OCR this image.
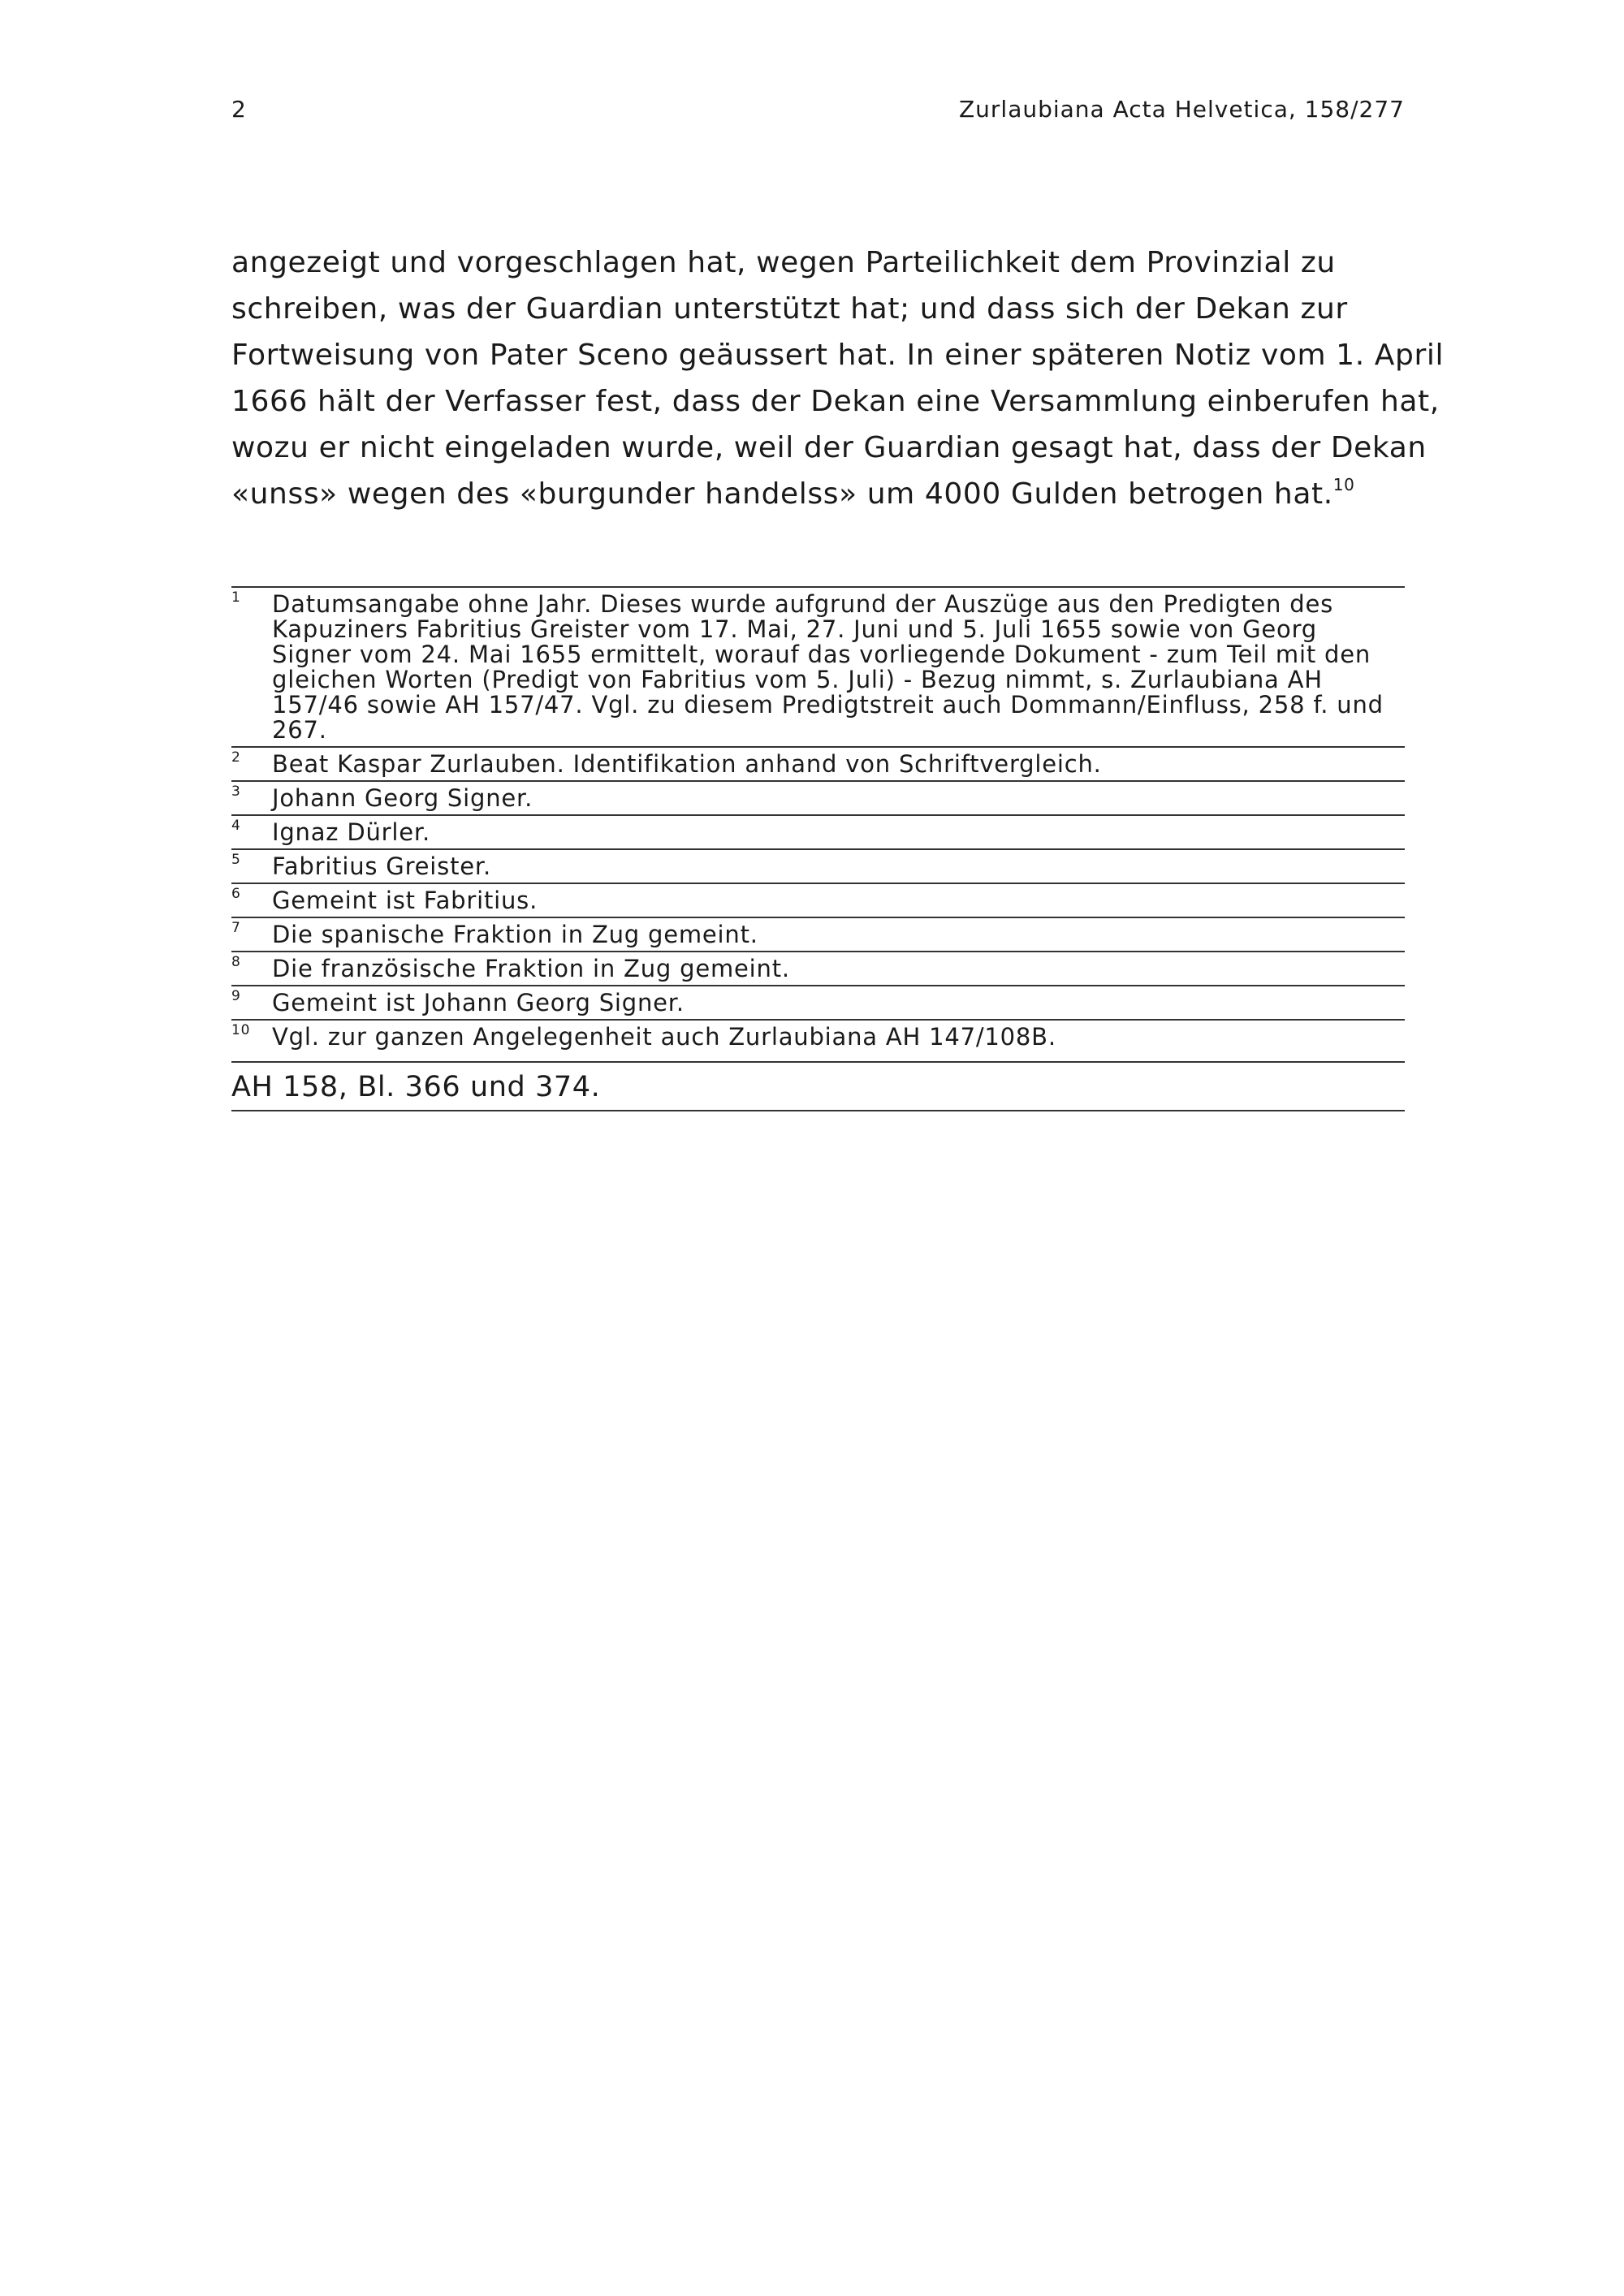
2	Zurlaubiana Acta Helvetica, 158/277

angezeigt und vorgeschlagen hat, wegen Parteilichkeit dem Provinzial zu
schreiben, was der Guardian unterstützt hat; und dass sich der Dekan zur
Fortweisung von Pater Sceno geäussert hat. In einer späteren Notiz vom 1. April
1666 hält der Verfasser fest, dass der Dekan eine Versammlung einberufen hat,
wozu er nicht eingeladen wurde, weil der Guardian gesagt hat, dass der Dekan
«unss» wegen des «burgunder handelss» um 4000 Gulden betrogen hat.$^{10}$

1 Datumsangabe ohne Jahr. Dieses wurde aufgrund der Auszüge aus den Predigten des
Kapuziners Fabritius Greister vom 17. Mai, 27. Juni und 5. Juli 1655 sowie von Georg
Signer vom 24. Mai 1655 ermittelt, worauf das vorliegende Dokument - zum Teil mit den
gleichen Worten (Predigt von Fabritius vom 5. Juli) - Bezug nimmt, s. Zurlaubiana AH
157/46 sowie AH 157/47. Vgl. zu diesem Predigtstreit auch Dommann/Einfluss, 258 f. und
267.
2 Beat Kaspar Zurlauben. Identifikation anhand von Schriftvergleich.
3 Johann Georg Signer.
4 Ignaz Dürler.
5 Fabritius Greister.
6 Gemeint ist Fabritius.
7 Die spanische Fraktion in Zug gemeint.
8 Die französische Fraktion in Zug gemeint.
9 Gemeint ist Johann Georg Signer.
10 Vgl. zur ganzen Angelegenheit auch Zurlaubiana AH 147/108B.
AH 158, Bl. 366 und 374.
